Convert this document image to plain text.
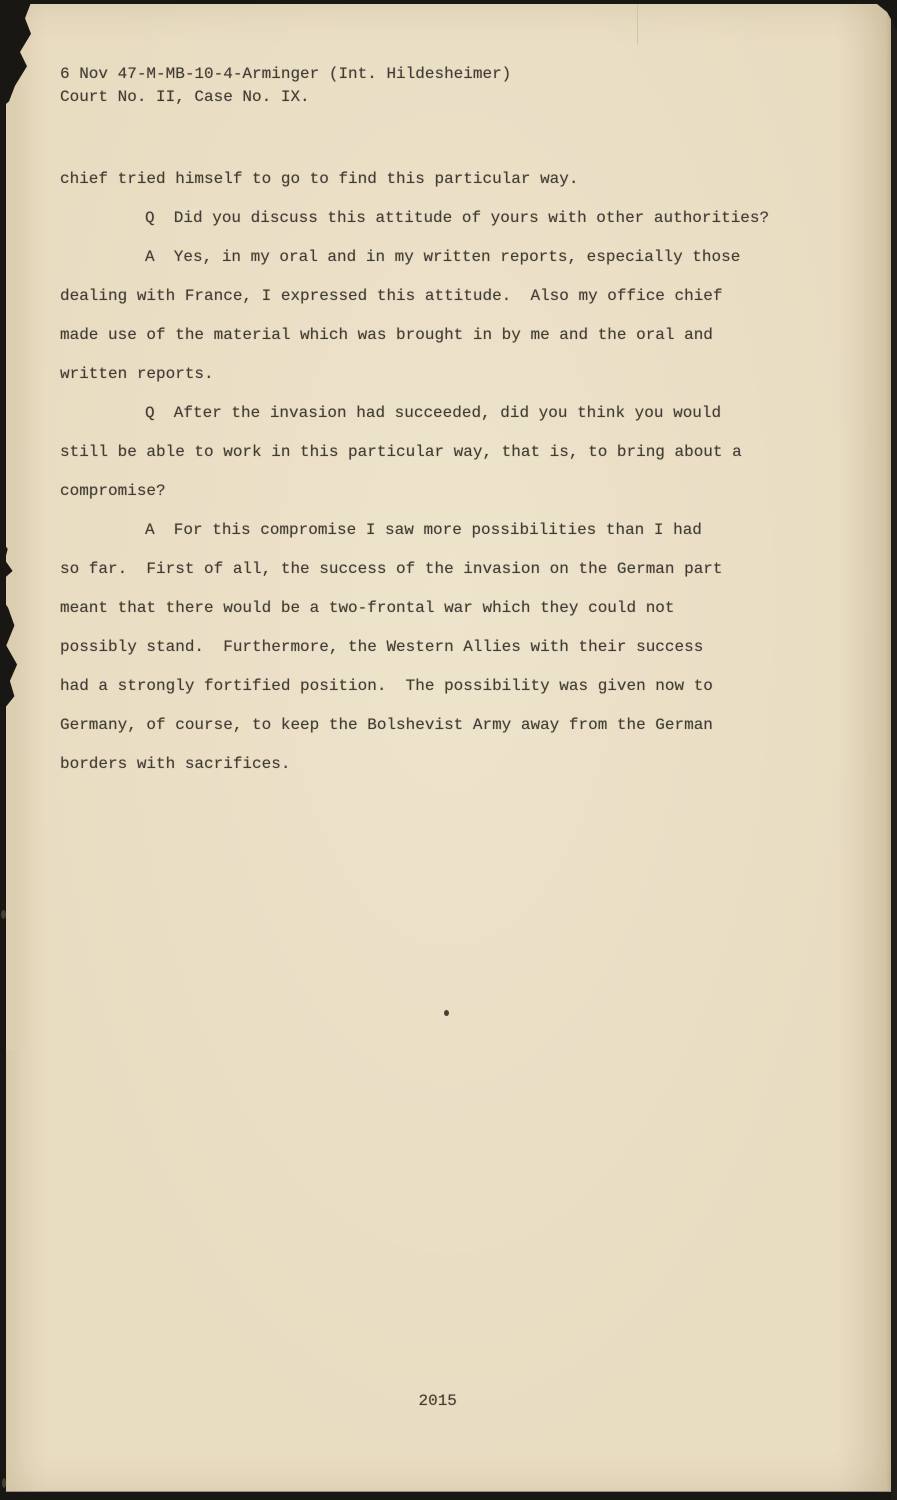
6 Nov 47-M-MB-10-4-Arminger (Int. Hildesheimer)
Court No. II, Case No. IX.
chief tried himself to go to find this particular way.
Q  Did you discuss this attitude of yours with other authorities?
A  Yes, in my oral and in my written reports, especially those
dealing with France, I expressed this attitude.  Also my office chief
made use of the material which was brought in by me and the oral and
written reports.
Q  After the invasion had succeeded, did you think you would
still be able to work in this particular way, that is, to bring about a
compromise?
A  For this compromise I saw more possibilities than I had
so far.  First of all, the success of the invasion on the German part
meant that there would be a two-frontal war which they could not
possibly stand.  Furthermore, the Western Allies with their success
had a strongly fortified position.  The possibility was given now to
Germany, of course, to keep the Bolshevist Army away from the German
borders with sacrifices.

2015
